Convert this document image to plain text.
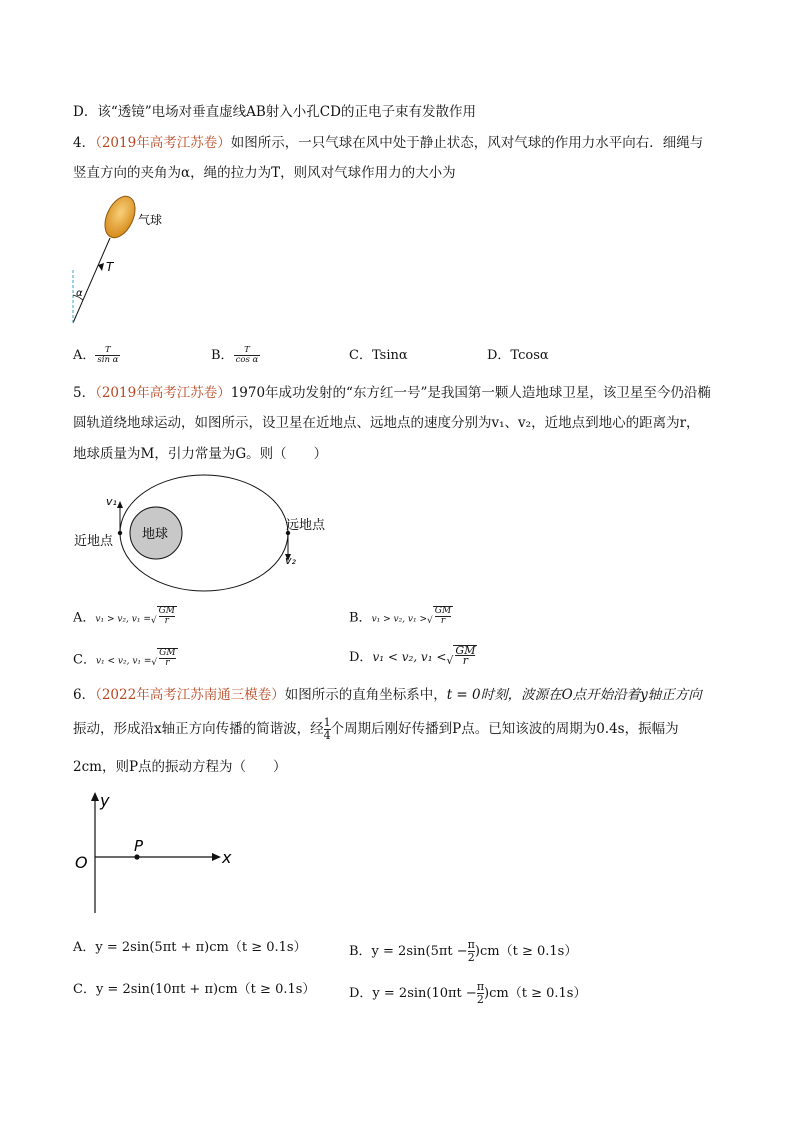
D．该“透镜”电场对垂直虚线AB射入小孔CD的正电子束有发散作用
4．（2019年高考江苏卷）如图所示，一只气球在风中处于静止状态，风对气球的作用力水平向右．细绳与
竖直方向的夹角为α，绳的拉力为T，则风对气球作用力的大小为
气球
T
α
A． $\frac{T}{\text{sin α}}$	B． $\frac{T}{\text{cos α}}$	C．Tsinα	D．Tcosα
5．（2019年高考江苏卷）1970年成功发射的“东方红一号”是我国第一颗人造地球卫星，该卫星至今仍沿椭
圆轨道绕地球运动，如图所示，设卫星在近地点、远地点的速度分别为v₁、v₂，近地点到地心的距离为r，
地球质量为M，引力常量为G。则（　　）
地球
v₁
v₂
近地点
远地点
A．v₁ > v₂, v₁ =√ $\frac{GM}{r}$	B．v₁ > v₂, v₁ >√ $\frac{GM}{r}$
C．v₁ < v₂, v₁ =√ $\frac{GM}{r}$	D．v₁ < v₂, v₁ <√ $\frac{GM}{r}$
6．（2022年高考江苏南通三模卷）如图所示的直角坐标系中，t = 0时刻，波源在O点开始沿着y轴正方向
振动，形成沿x轴正方向传播的简谐波，经 $\frac{1}{4}$ 个周期后刚好传播到P点。已知该波的周期为0.4s，振幅为
2cm，则P点的振动方程为（　　）
y
x
O
P
A．y = 2sin(5πt + π)cm（t ≥ 0.1s）	B．$y = 2\sin(5\pi t - \frac{\pi}{2} )cm(t \ge 0.1s)$
C．y = 2sin(10πt + π)cm（t ≥ 0.1s）	D．$y = 2\sin(10\pi t - \frac{\pi}{2} )cm(t \ge 0.1s)$
